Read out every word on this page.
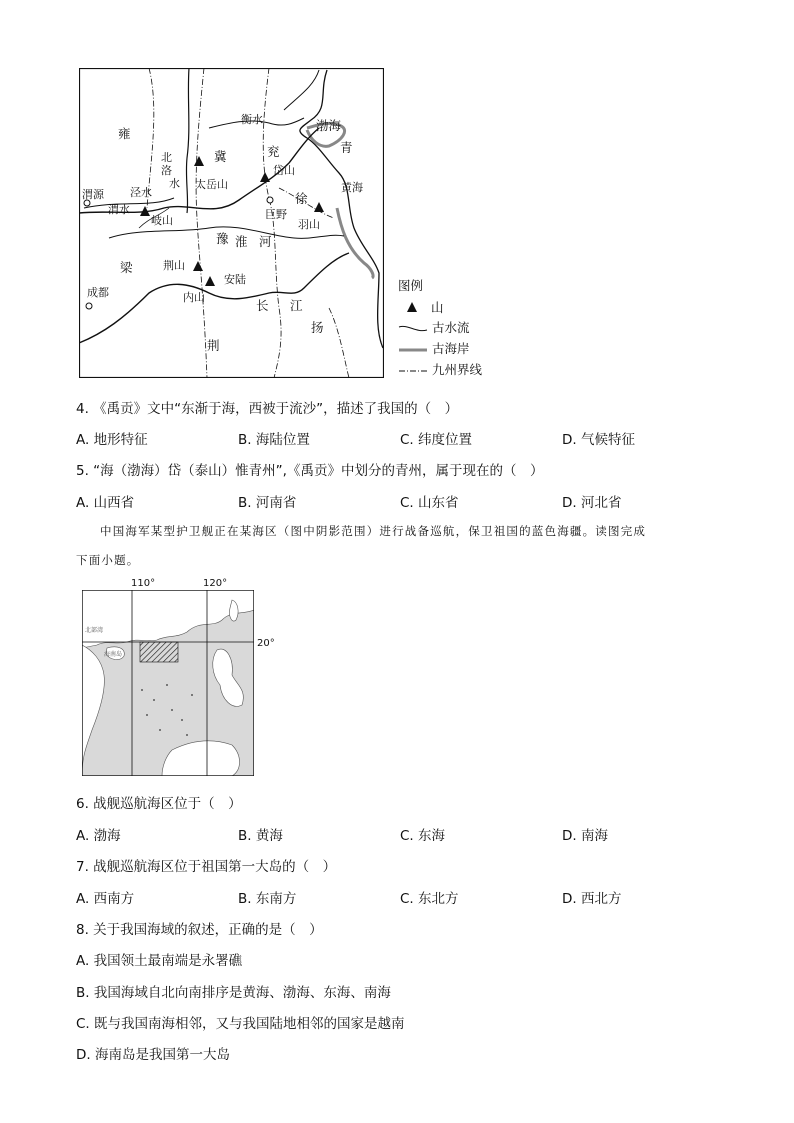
雍
冀	兖
渤海
青
衡水
太岳山
岱山
黄海
渭源 泾水
渭水
岐山
徐
巨野
羽山
豫 淮 河
梁	荆山
安陆
成都	内山
长 江
扬
荆
北
洛
水
图例
山
古水流
古海岸
九州界线
4. 《禹贡》文中“东渐于海，西被于流沙”，描述了我国的（　）
A. 地形特征	B. 海陆位置	C. 纬度位置	D. 气候特征
5. “海（渤海）岱（泰山）惟青州”,《禹贡》中划分的青州，属于现在的（　）
A. 山西省	B. 河南省	C. 山东省	D. 河北省
中国海军某型护卫舰正在某海区（图中阴影范围）进行战备巡航，保卫祖国的蓝色海疆。读图完成
下面小题。
110°	120°
20°
北部湾
海南岛
6. 战舰巡航海区位于（　）
A. 渤海	B. 黄海	C. 东海	D. 南海
7. 战舰巡航海区位于祖国第一大岛的（　）
A. 西南方	B. 东南方	C. 东北方	D. 西北方
8. 关于我国海域的叙述，正确的是（　）
A. 我国领土最南端是永署礁
B. 我国海域自北向南排序是黄海、渤海、东海、南海
C. 既与我国南海相邻，又与我国陆地相邻的国家是越南
D. 海南岛是我国第一大岛
